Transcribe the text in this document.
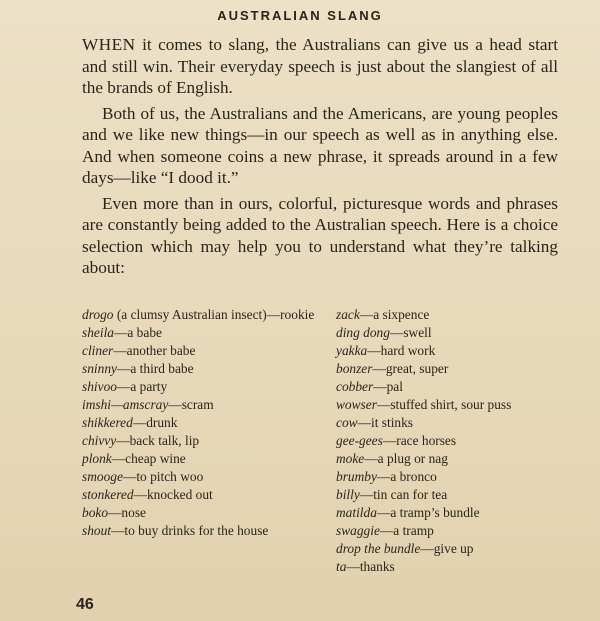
AUSTRALIAN SLANG

WHEN it comes to slang, the Australians can give us a head start and still win. Their everyday speech is just about the slangiest of all the brands of English.

Both of us, the Australians and the Americans, are young peoples and we like new things—in our speech as well as in anything else. And when someone coins a new phrase, it spreads around in a few days—like “I dood it.”

Even more than in ours, colorful, picturesque words and phrases are constantly being added to the Australian speech. Here is a choice selection which may help you to understand what they’re talking about:

drogo (a clumsy Australian insect)—rookie
sheila—a babe
cliner—another babe
sninny—a third babe
shivoo—a party
imshi—amscray—scram
shikkered—drunk
chivvy—back talk, lip
plonk—cheap wine
smooge—to pitch woo
stonkered—knocked out
boko—nose
shout—to buy drinks for the house
zack—a sixpence
ding dong—swell
yakka—hard work
bonzer—great, super
cobber—pal
wowser—stuffed shirt, sour puss
cow—it stinks
gee-gees—race horses
moke—a plug or nag
brumby—a bronco
billy—tin can for tea
matilda—a tramp’s bundle
swaggie—a tramp
drop the bundle—give up
ta—thanks
46
